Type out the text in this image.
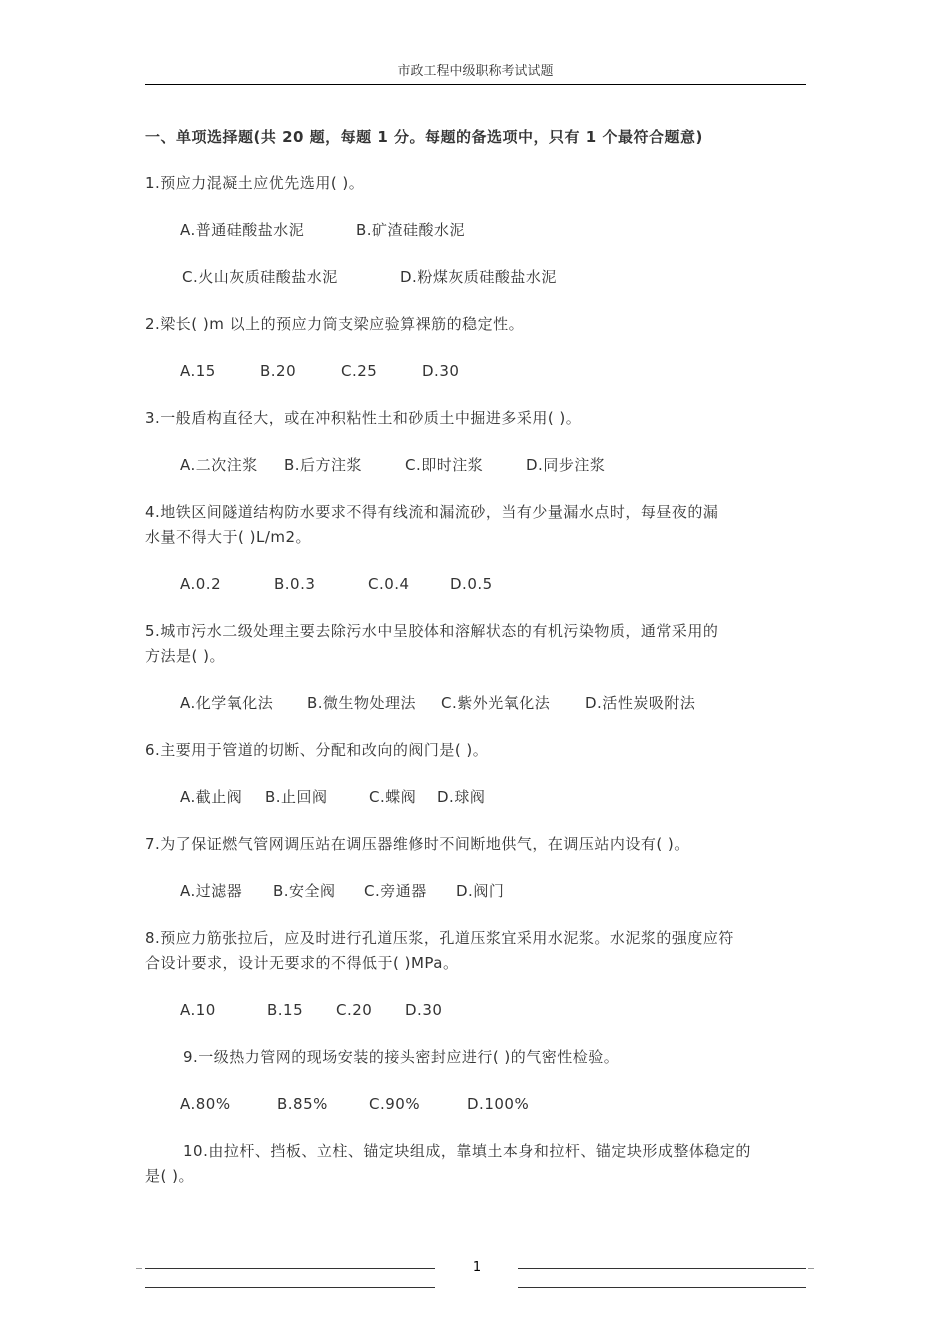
市政工程中级职称考试试题
一、单项选择题(共 20 题，每题 1 分。每题的备选项中，只有 1 个最符合题意)
1.预应力混凝土应优先选用( )。
A.普通硅酸盐水泥	B.矿渣硅酸水泥
C.火山灰质硅酸盐水泥	D.粉煤灰质硅酸盐水泥
2.梁长( )m 以上的预应力筒支梁应验算裸筋的稳定性。
A.15	B.20	C.25	D.30
3.一般盾构直径大，或在冲积粘性土和砂质土中掘进多采用( )。
A.二次注浆 B.后方注浆	C.即时注浆	D.同步注浆
4.地铁区间隧道结构防水要求不得有线流和漏流砂，当有少量漏水点时，每昼夜的漏
水量不得大于( )L/m2。
A.0.2	B.0.3	C.0.4	D.0.5
5.城市污水二级处理主要去除污水中呈胶体和溶解状态的有机污染物质，通常采用的
方法是( )。
A.化学氧化法 B.微生物处理法 C.紫外光氧化法 D.活性炭吸附法
6.主要用于管道的切断、分配和改向的阀门是( )。
A.截止阀 B.止回阀	C.蝶阀 D.球阀
7.为了保证燃气管网调压站在调压器维修时不间断地供气，在调压站内设有( )。
A.过滤器 B.安全阀 C.旁通器 D.阀门
8.预应力筋张拉后，应及时进行孔道压浆，孔道压浆宜采用水泥浆。水泥浆的强度应符
合设计要求，设计无要求的不得低于( )MPa。
A.10	B.15 C.20 D.30
9.一级热力管网的现场安装的接头密封应进行( )的气密性检验。
A.80%	B.85%	C.90%	D.100%
10.由拉杆、挡板、立柱、锚定块组成，靠填土本身和拉杆、锚定块形成整体稳定的
是( )。
1
